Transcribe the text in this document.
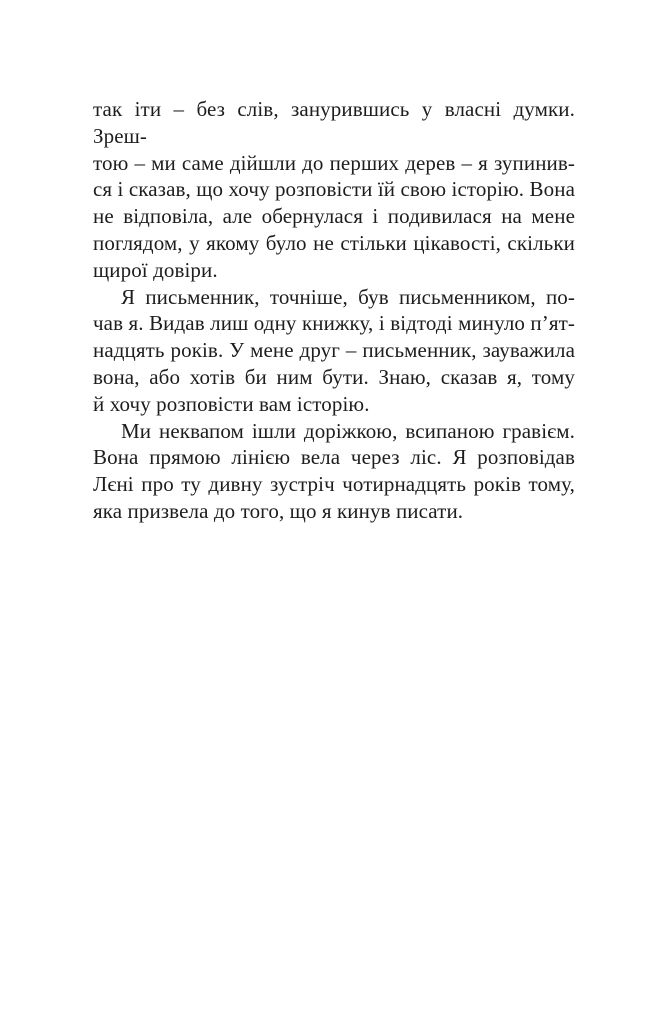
так іти – без слів, занурившись у власні думки. Зреш-
тою – ми саме дійшли до перших дерев – я зупинив-
ся і сказав, що хочу розповісти їй свою історію. Вона
не відповіла, але обернулася і подивилася на мене
поглядом, у якому було не стільки цікавості, скільки
щирої довіри.
Я письменник, точніше, був письменником, по-
чав я. Видав лиш одну книжку, і відтоді минуло п’ят-
надцять років. У мене друг – письменник, зауважила
вона, або хотів би ним бути. Знаю, сказав я, тому
й хочу розповісти вам історію.
Ми неквапом ішли доріжкою, всипаною гравієм.
Вона прямою лінією вела через ліс. Я розповідав
Лєні про ту дивну зустріч чотирнадцять років тому,
яка призвела до того, що я кинув писати.
